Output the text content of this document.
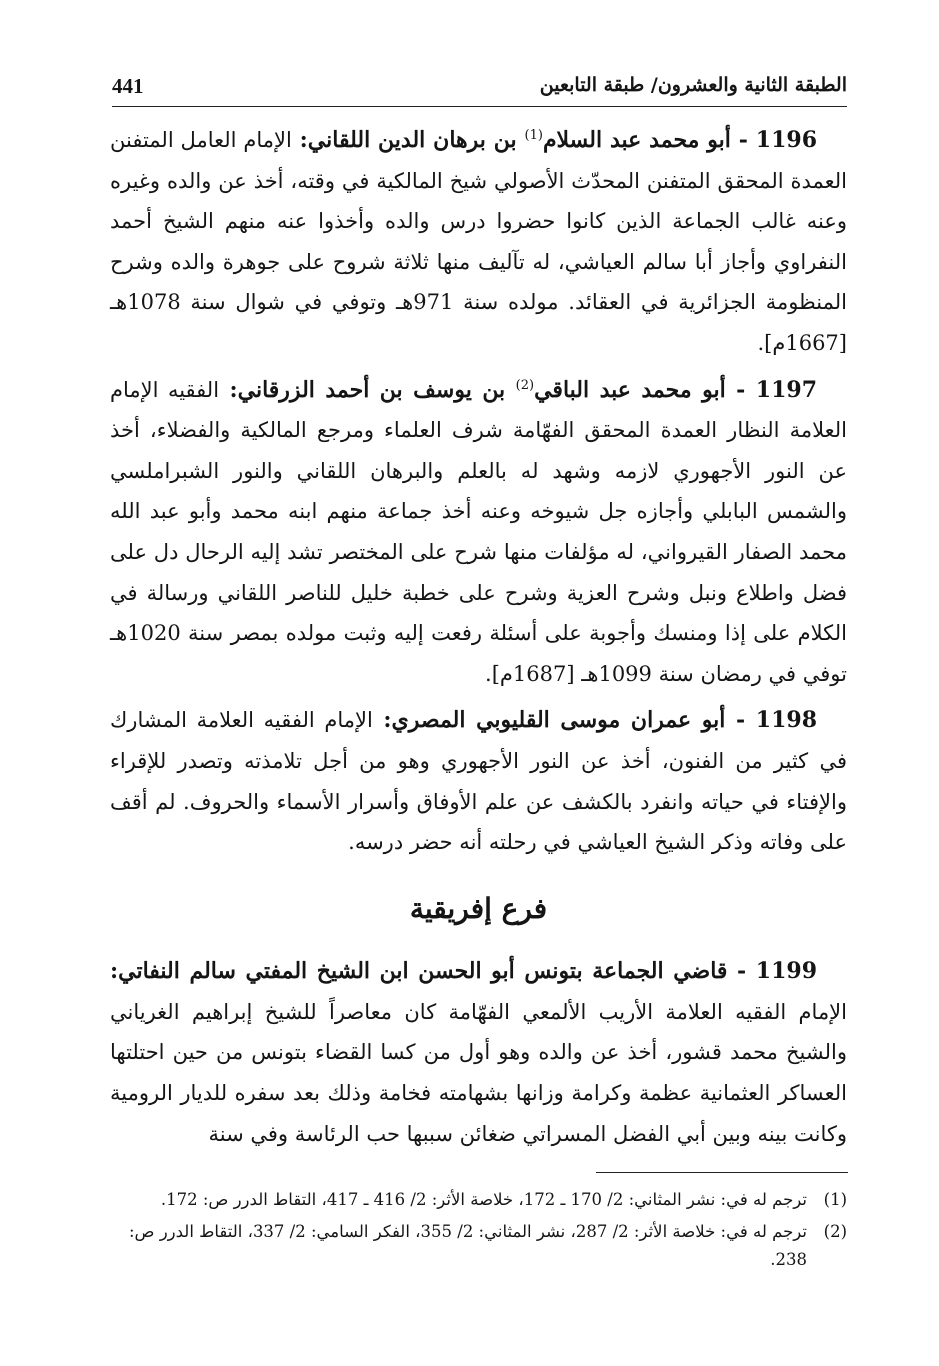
441	الطبقة الثانية والعشرون/ طبقة التابعين

1196 - أبو محمد عبد السلام$^{(1)}$ بن برهان الدين اللقاني: الإمام العامل المتفنن العمدة المحقق المتفنن المحدّث الأصولي شيخ المالكية في وقته، أخذ عن والده وغيره وعنه غالب الجماعة الذين كانوا حضروا درس والده وأخذوا عنه منهم الشيخ أحمد النفراوي وأجاز أبا سالم العياشي، له تآليف منها ثلاثة شروح على جوهرة والده وشرح المنظومة الجزائرية في العقائد. مولده سنة 971هـ وتوفي في شوال سنة 1078هـ [1667م].

1197 - أبو محمد عبد الباقي$^{(2)}$ بن يوسف بن أحمد الزرقاني: الفقيه الإمام العلامة النظار العمدة المحقق الفهّامة شرف العلماء ومرجع المالكية والفضلاء، أخذ عن النور الأجهوري لازمه وشهد له بالعلم والبرهان اللقاني والنور الشبراملسي والشمس البابلي وأجازه جل شيوخه وعنه أخذ جماعة منهم ابنه محمد وأبو عبد الله محمد الصفار القيرواني، له مؤلفات منها شرح على المختصر تشد إليه الرحال دل على فضل واطلاع ونبل وشرح العزية وشرح على خطبة خليل للناصر اللقاني ورسالة في الكلام على إذا ومنسك وأجوبة على أسئلة رفعت إليه وثبت مولده بمصر سنة 1020هـ توفي في رمضان سنة 1099هـ [1687م].

1198 - أبو عمران موسى القليوبي المصري: الإمام الفقيه العلامة المشارك في كثير من الفنون، أخذ عن النور الأجهوري وهو من أجل تلامذته وتصدر للإقراء والإفتاء في حياته وانفرد بالكشف عن علم الأوفاق وأسرار الأسماء والحروف. لم أقف على وفاته وذكر الشيخ العياشي في رحلته أنه حضر درسه.

فرع إفريقية

1199 - قاضي الجماعة بتونس أبو الحسن ابن الشيخ المفتي سالم النفاتي: الإمام الفقيه العلامة الأريب الألمعي الفهّامة كان معاصراً للشيخ إبراهيم الغرياني والشيخ محمد قشور، أخذ عن والده وهو أول من كسا القضاء بتونس من حين احتلتها العساكر العثمانية عظمة وكرامة وزانها بشهامته فخامة وذلك بعد سفره للديار الرومية وكانت بينه وبين أبي الفضل المسراتي ضغائن سببها حب الرئاسة وفي سنة

(1)
ترجم له في: نشر المثاني: 2/ 170 ـ 172، خلاصة الأثر: 2/ 416 ـ 417، التقاط الدرر ص: 172.
(2)
ترجم له في: خلاصة الأثر: 2/ 287، نشر المثاني: 2/ 355، الفكر السامي: 2/ 337، التقاط الدرر ص: 238.
